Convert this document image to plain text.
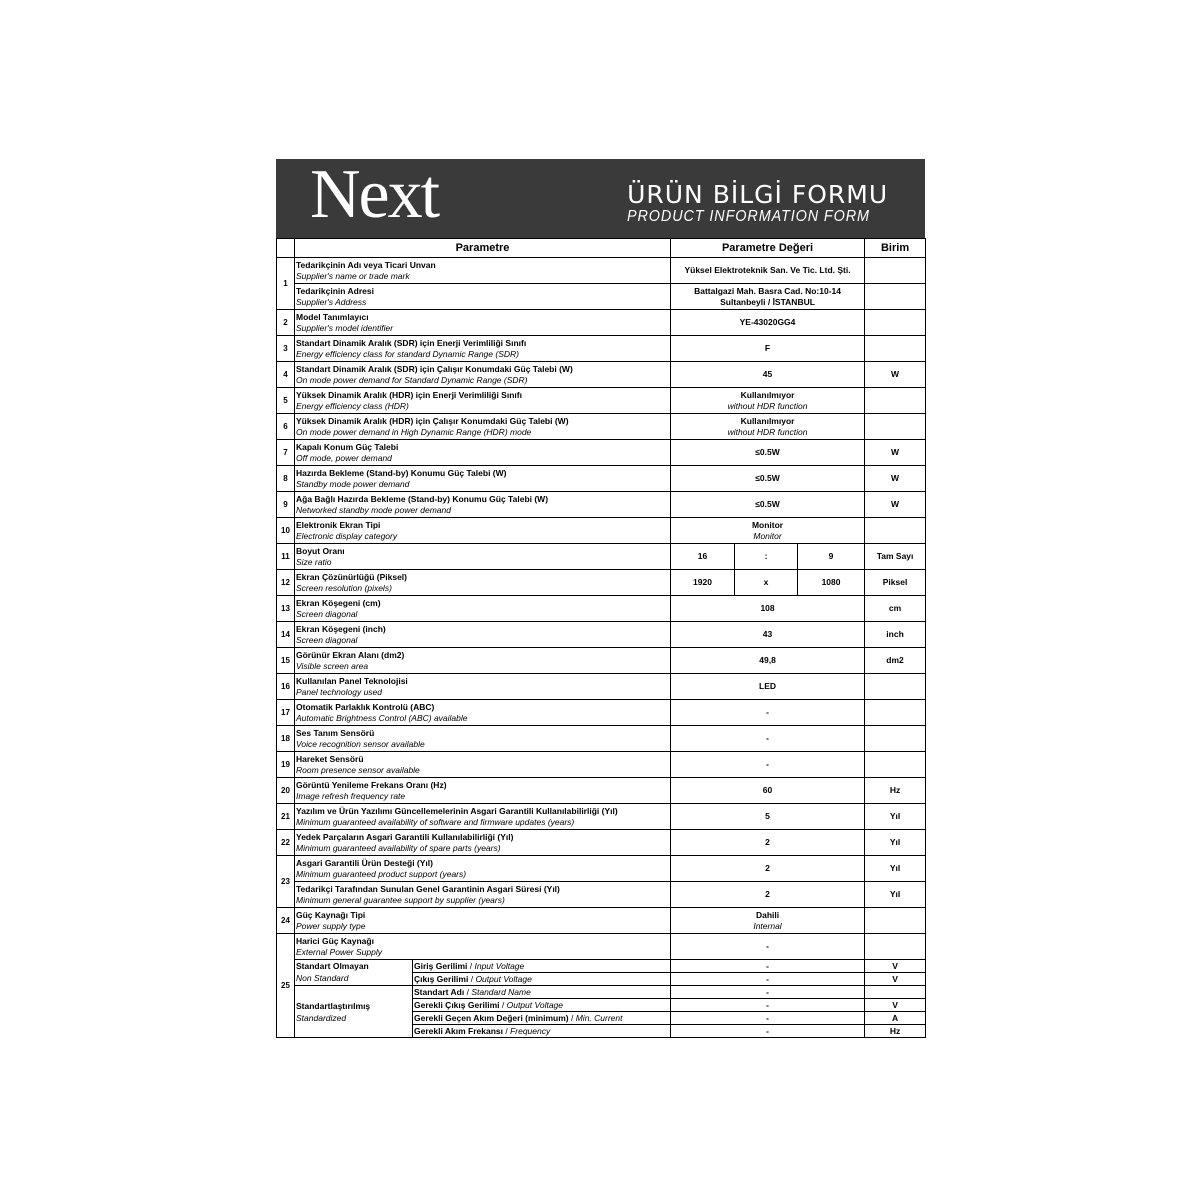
Next	ÜRÜN BİLGİ FORMU
PRODUCT INFORMATION FORM
	Parametre		Parametre Değeri			Birim
1	Tedarikçinin Adı veya Ticari Unvan
Supplier's name or trade mark		Yüksel Elektroteknik San. Ve Tic. Ltd. Şti.			

	Tedarikçinin Adresi
Supplier's Address		Battalgazi Mah. Basra Cad. No:10-14
Sultanbeyli / İSTANBUL			

2	Model Tanımlayıcı
Supplier's model identifier		YE-43020GG4			
3	Standart Dinamik Aralık (SDR) için Enerji Verimliliği Sınıfı
Energy efficiency class for standard Dynamic Range (SDR)		F			
4	Standart Dinamik Aralık (SDR) için Çalışır Konumdaki Güç Talebi (W)
On mode power demand for Standard Dynamic Range (SDR)		45			W
5	Yüksek Dinamik Aralık (HDR) için Enerji Verimliliği Sınıfı
Energy efficiency class (HDR)		Kullanılmıyor
without HDR function			

6	Yüksek Dinamik Aralık (HDR) için Çalışır Konumdaki Güç Talebi (W)
On mode power demand in High Dynamic Range (HDR) mode		Kullanılmıyor
without HDR function			

7	Kapalı Konum Güç Talebi
Off mode, power demand		≤0.5W			W
8	Hazırda Bekleme (Stand-by) Konumu Güç Talebi (W)
Standby mode power demand		≤0.5W			W
9	Ağa Bağlı Hazırda Bekleme (Stand-by) Konumu Güç Talebi (W)
Networked standby mode power demand		≤0.5W			W
10	Elektronik Ekran Tipi
Electronic display category		Monitor
Monitor			

11	Boyut Oranı
Size ratio		16	:	9	Tam Sayı
12	Ekran Çözünürlüğü (Piksel)
Screen resolution (pixels)		1920	x	1080	Piksel
13	Ekran Köşegeni (cm)
Screen diagonal		108			cm
14	Ekran Köşegeni (inch)
Screen diagonal		43			inch
15	Görünür Ekran Alanı (dm2)
Visible screen area		49,8			dm2
16	Kullanılan Panel Teknolojisi
Panel technology used		LED			
17	Otomatik Parlaklık Kontrolü (ABC)
Automatic Brightness Control (ABC) available		-			
18	Ses Tanım Sensörü
Voice recognition sensor available		-			
19	Hareket Sensörü
Room presence sensor available		-			
20	Görüntü Yenileme Frekans Oranı (Hz)
Image refresh frequency rate		60			Hz
21	Yazılım ve Ürün Yazılımı Güncellemelerinin Asgari Garantili Kullanılabilirliği (Yıl)
Minimum guaranteed availability of software and firmware updates (years)		5			Yıl
22	Yedek Parçaların Asgari Garantili Kullanılabilirliği (Yıl)
Minimum guaranteed availability of spare parts (years)		2			Yıl
23	Asgari Garantili Ürün Desteği (Yıl)
Minimum guaranteed product support (years)		2			Yıl

	Tedarikçi Tarafından Sunulan Genel Garantinin Asgari Süresi (Yıl)
Minimum general guarantee support by supplier (years)		2			Yıl
24	Güç Kaynağı Tipi
Power supply type		Dahili
Internal			

25	Harici Güç Kaynağı
External Power Supply		-			

	Standart Olmayan
Non Standard	Giriş Gerilimi / Input Voltage	-			V
		Çıkış Gerilimi / Output Voltage	-			V

	Standartlaştırılmış
Standardized	Standart Adı / Standard Name	-			
		Gerekli Çıkış Gerilimi / Output Voltage	-			V
		Gerekli Geçen Akım Değeri (minimum) / Min. Current	-			A
		Gerekli Akım Frekansı / Frequency	-			Hz
